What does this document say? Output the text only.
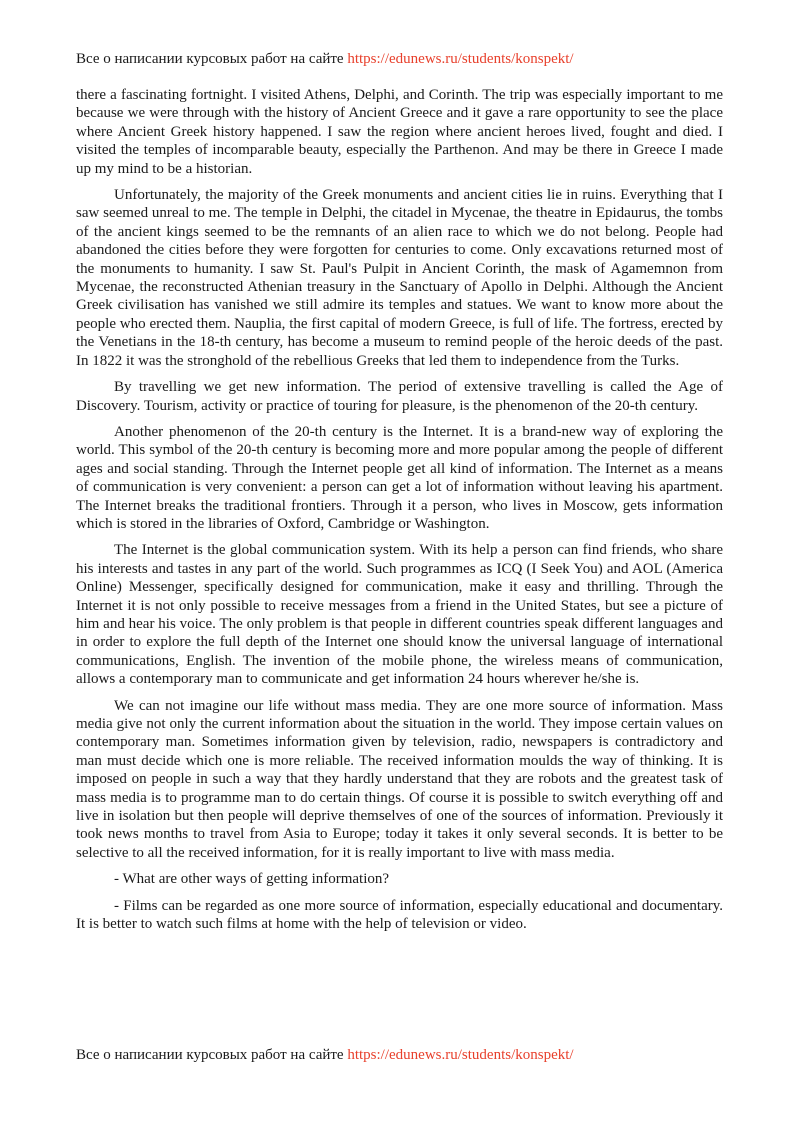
Все о написании курсовых работ на сайте https://edunews.ru/students/konspekt/

there a fascinating fortnight. I visited Athens, Delphi, and Corinth. The trip was especially important to me because we were through with the history of Ancient Greece and it gave a rare opportunity to see the place where Ancient Greek history happened. I saw the region where ancient heroes lived, fought and died. I visited the temples of incomparable beauty, especially the Parthenon. And may be there in Greece I made up my mind to be a historian.

Unfortunately, the majority of the Greek monuments and ancient cities lie in ruins. Everything that I saw seemed unreal to me. The temple in Delphi, the citadel in Mycenae, the theatre in Epidaurus, the tombs of the ancient kings seemed to be the remnants of an alien race to which we do not belong. People had abandoned the cities before they were forgotten for centuries to come. Only excavations returned most of the monuments to humanity. I saw St. Paul's Pulpit in Ancient Corinth, the mask of Agamemnon from Mycenae, the reconstructed Athenian treasury in the Sanctuary of Apollo in Delphi. Although the Ancient Greek civilisation has vanished we still admire its temples and statues. We want to know more about the people who erected them. Nauplia, the first capital of modern Greece, is full of life. The fortress, erected by the Venetians in the 18-th century, has become a museum to remind people of the heroic deeds of the past. In 1822 it was the stronghold of the rebellious Greeks that led them to independence from the Turks.

By travelling we get new information. The period of extensive travelling is called the Age of Discovery. Tourism, activity or practice of touring for pleasure, is the phenomenon of the 20-th century.

Another phenomenon of the 20-th century is the Internet. It is a brand-new way of exploring the world. This symbol of the 20-th century is becoming more and more popular among the people of different ages and social standing. Through the Internet people get all kind of information. The Internet as a means of communication is very convenient: a person can get a lot of information without leaving his apartment. The Internet breaks the traditional frontiers. Through it a person, who lives in Moscow, gets information which is stored in the libraries of Oxford, Cambridge or Washington.

The Internet is the global communication system. With its help a person can find friends, who share his interests and tastes in any part of the world. Such programmes as ICQ (I Seek You) and AOL (America Online) Messenger, specifically designed for communication, make it easy and thrilling. Through the Internet it is not only possible to receive messages from a friend in the United States, but see a picture of him and hear his voice. The only problem is that people in different countries speak different languages and in order to explore the full depth of the Internet one should know the universal language of international communications, English. The invention of the mobile phone, the wireless means of communication, allows a contemporary man to communicate and get information 24 hours wherever he/she is.

We can not imagine our life without mass media. They are one more source of information. Mass media give not only the current information about the situation in the world. They impose certain values on contemporary man. Sometimes information given by television, radio, newspapers is contradictory and man must decide which one is more reliable. The received information moulds the way of thinking. It is imposed on people in such a way that they hardly understand that they are robots and the greatest task of mass media is to programme man to do certain things. Of course it is possible to switch everything off and live in isolation but then people will deprive themselves of one of the sources of information. Previously it took news months to travel from Asia to Europe; today it takes it only several seconds. It is better to be selective to all the received information, for it is really important to live with mass media.

- What are other ways of getting information?

- Films can be regarded as one more source of information, especially educational and documentary. It is better to watch such films at home with the help of television or video.

Все о написании курсовых работ на сайте https://edunews.ru/students/konspekt/
